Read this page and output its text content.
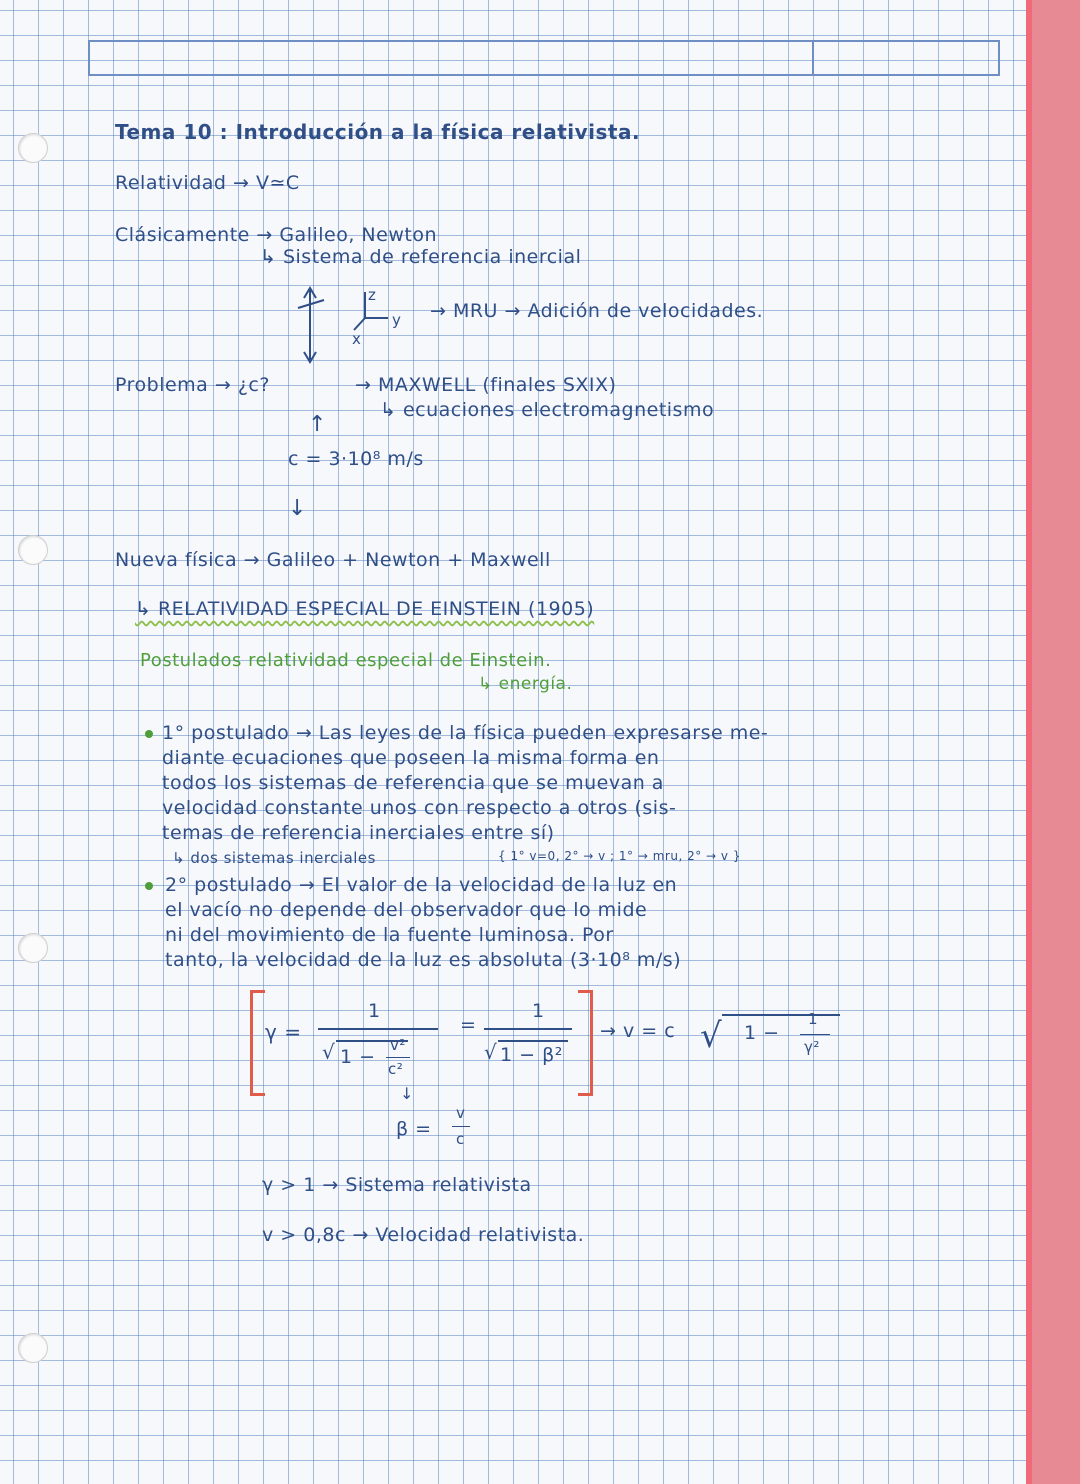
Tema 10 : Introducción a la física relativista.
Relatividad → V≃C
Clásicamente → Galileo, Newton
↳ Sistema de referencia inercial
z
y
x
→ MRU → Adición de velocidades.
Problema → ¿c?	→ MAXWELL (finales SXIX)
↳ ecuaciones electromagnetismo
↑
c = 3·10⁸ m/s
↓
Nueva física → Galileo + Newton + Maxwell
↳ RELATIVIDAD ESPECIAL DE EINSTEIN (1905)
Postulados relatividad especial de Einstein.
↳ energía.
1° postulado → Las leyes de la física pueden expresarse me-
diante ecuaciones que poseen la misma forma en
todos los sistemas de referencia que se muevan a
velocidad constante unos con respecto a otros (sis-
temas de referencia inerciales entre sí)
↳ dos sistemas inerciales	{ 1° v=0, 2° → v ; 1° → mru, 2° → v }
2° postulado → El valor de la velocidad de la luz en
el vacío no depende del observador que lo mide
ni del movimiento de la fuente luminosa. Por
tanto, la velocidad de la luz es absoluta (3·10⁸ m/s)
γ =
1
√ 1 −
v²
c²
=
1
√ 1 − β²
→ v = c √ 1 −
1
γ²
↓
β =
v
c
γ > 1 → Sistema relativista
v > 0,8c → Velocidad relativista.
